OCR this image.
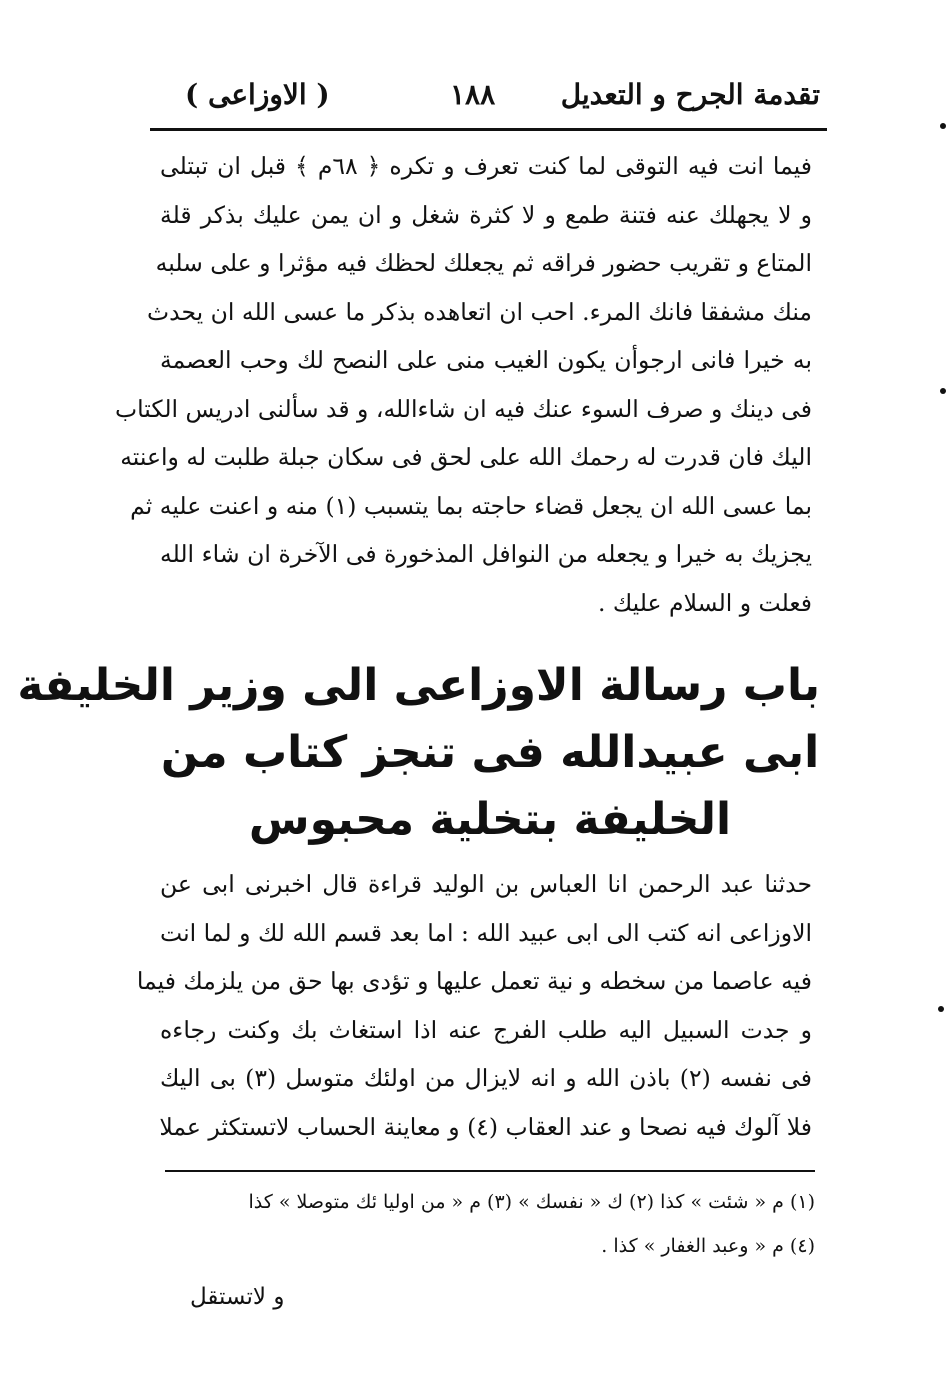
تقدمة الجرح و التعديل
١٨٨
( الاوزاعى )
فيما انت فيه التوقى لما كنت تعرف و تكره ﴿ ٦٨م ﴾ قبل ان تبتلى
و لا يجهلك عنه فتنة طمع و لا كثرة شغل و ان يمن عليك بذكر قلة
المتاع و تقريب حضور فراقه ثم يجعلك لحظك فيه مؤثرا و على سلبه
منك مشفقا فانك المرء. احب ان اتعاهده بذكر ما عسى الله ان يحدث
به خيرا فانى ارجوأن يكون الغيب منى على النصح لك وحب العصمة
فى دينك و صرف السوء عنك فيه ان شاءالله، و قد سألنى ادريس الكتاب
اليك فان قدرت له رحمك الله على لحق فى سكان جبلة طلبت له واعنته
بما عسى الله ان يجعل قضاء حاجته بما يتسبب (١) منه و اعنت عليه ثم
يجزيك به خيرا و يجعله من النوافل المذخورة فى الآخرة ان شاء الله
فعلت و السلام عليك .
باب رسالة الاوزاعى الى وزير الخليفة
ابى عبيدالله فى تنجز كتاب من
الخليفة بتخلية محبوس
حدثنا عبد الرحمن انا العباس بن الوليد قراءة قال اخبرنى ابى عن
الاوزاعى انه كتب الى ابى عبيد الله : اما بعد قسم الله لك و لما انت
فيه عاصما من سخطه و نية تعمل عليها و تؤدى بها حق من يلزمك فيما
و جدت السبيل اليه طلب الفرج عنه اذا استغاث بك وكنت رجاءه
فى نفسه (٢) باذن الله و انه لايزال من اولئك متوسل (٣) بى اليك
فلا آلوك فيه نصحا و عند العقاب (٤) و معاينة الحساب لاتستكثر عملا
(١) م « شئت » كذا (٢) ك « نفسك » (٣) م « من اوليا ئك متوصلا » كذا
(٤) م « وعبد الغفار » كذا .
و لاتستقل
